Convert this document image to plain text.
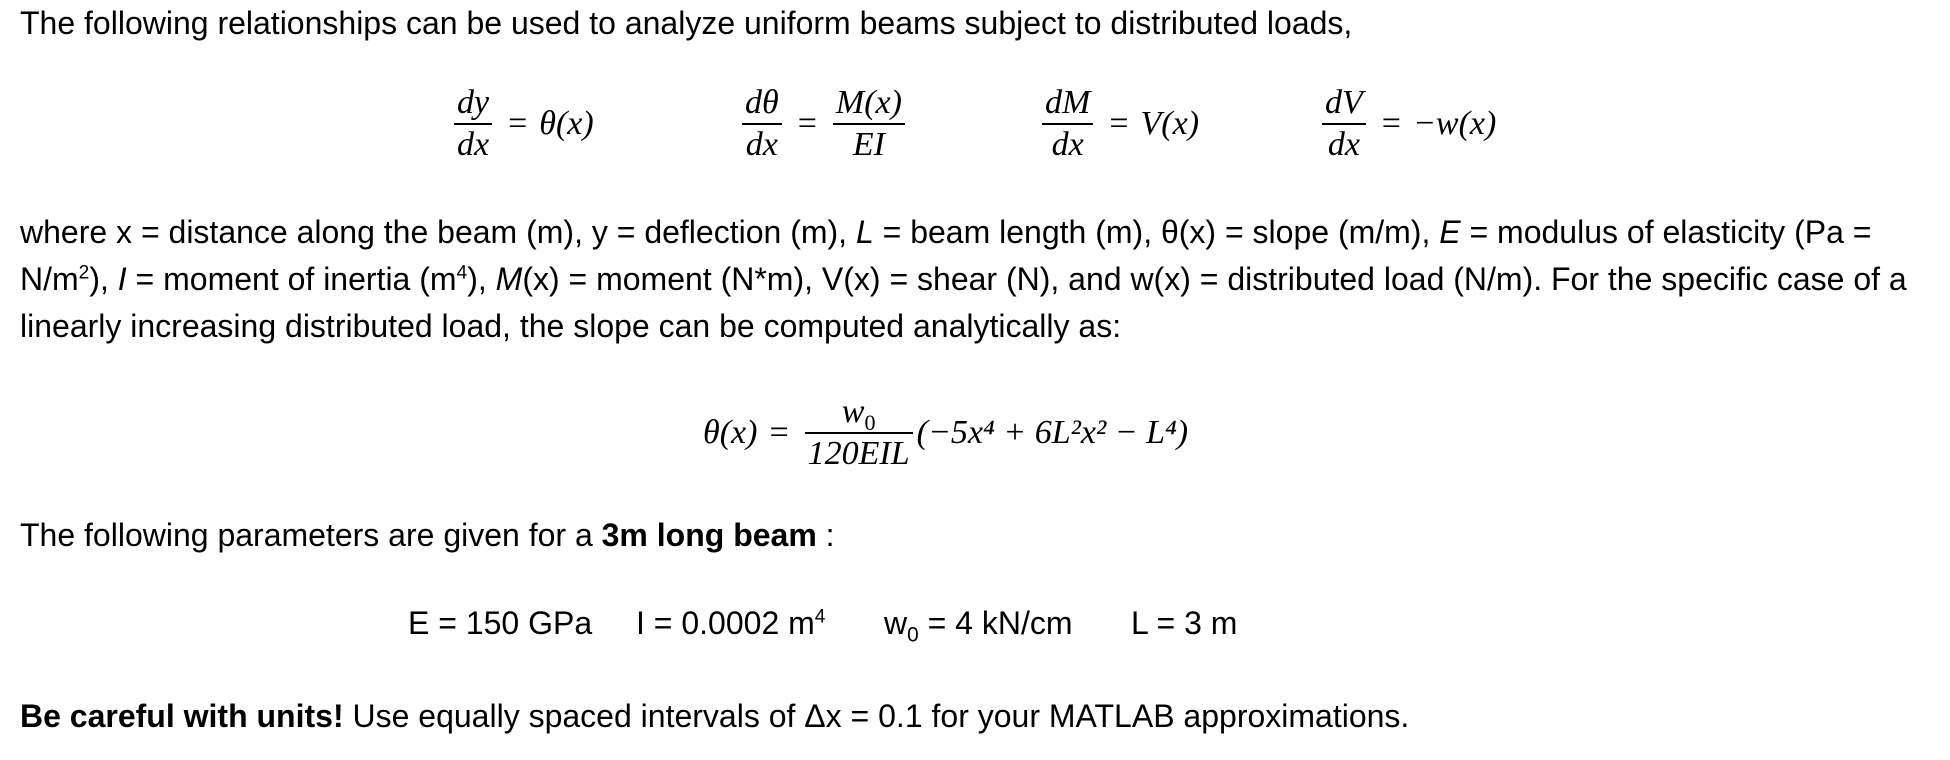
The following relationships can be used to analyze uniform beams subject to distributed loads,

$\frac{dy}{dx} = \theta(x)$	$\frac{d\theta}{dx} = \frac{M(x)}{EI}$	$\frac{dM}{dx} = V(x)$	$\frac{dV}{dx} = -w(x)$

where x = distance along the beam (m), y = deflection (m), L = beam length (m), θ(x) = slope (m/m), E = modulus of elasticity $(Pa = N/m^2)$, I = moment of inertia $(m^4)$, M(x) = moment (N*m), V(x) = shear (N), and w(x) = distributed load (N/m). For the specific case of a linearly increasing distributed load, the slope can be computed analytically as:

$\theta(x) = \frac{w_0}{\text{120EIL}} (-5x^4 + 6L^2x^2 - L^4)$

The following parameters are given for a 3m long beam :

E = 150 GPa I = 0.0002 $m^4$ $w_0 = 4$ kN/cm L = 3 m

Be careful with units! Use equally spaced intervals of Δx = 0.1 for your MATLAB approximations.
